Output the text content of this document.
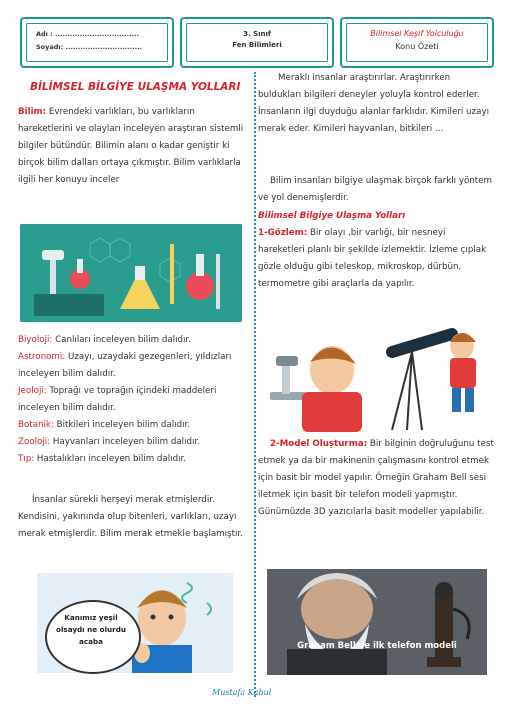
Adı : ..................................
Soyadı: ...............................
3. Sınıf
Fen Bilimleri
Bilimsel Keşif Yolculuğu
Konu Özeti
BİLİMSEL BİLGİYE ULAŞMA YOLLARI

Bilim: Evrendeki varlıkları, bu varlıkların hareketlerini ve olayları inceleyen araştıran sistemli bilgiler bütündür. Bilimin alanı o kadar geniştir ki birçok bilim dalları ortaya çıkmıştır. Bilim varlıklarla ilgili her konuyu inceler

Biyoloji: Canlıları inceleyen bilim dalıdır.

Astronomi: Uzayı, uzaydaki gezegenleri, yıldızları inceleyen bilim dalıdır.

Jeoloji: Toprağı ve toprağın içindeki maddeleri inceleyen bilim dalıdır.

Botanik: Bitkileri inceleyen bilim dalıdır.

Zooloji: Hayvanları inceleyen bilim dalıdır.

Tıp: Hastalıkları inceleyen bilim dalıdır.

İnsanlar sürekli herşeyi merak etmişlerdir. Kendisini, yakınında olup bitenleri, varlıkları, uzayı merak etmişlerdir. Bilim merak etmekle başlamıştır.

Kanımız yeşil olsaydı ne olurdu acaba

Meraklı insanlar araştırırlar. Araştırırken buldukları bilgileri deneyler yoluyla kontrol ederler. İnsanların ilgi duyduğu alanlar farklıdır. Kimileri uzayı merak eder. Kimileri hayvanları, bitkileri ...

Bilim insanları bilgiye ulaşmak birçok farklı yöntem ve yol denemişlerdir.

Bilimsel Bilgiye Ulaşma Yolları

1-Gözlem: Bir olayı ,bir varlığı, bir nesneyi hareketleri planlı bir şekilde izlemektir. İzleme çıplak gözle olduğu gibi teleskop, mikroskop, dürbün, termometre gibi araçlarla da yapılır.

2-Model Oluşturma: Bir bilginin doğruluğunu test etmek ya da bir makinenin çalışmasını kontrol etmek için basit bir model yapılır. Örneğin Graham Bell sesi iletmek için basit bir telefon modeli yapmıştır. Günümüzde 3D yazıcılarla basit modeller yapılabilir.

Graham Bell ve ilk telefon modeli
Mustafa Kabul
